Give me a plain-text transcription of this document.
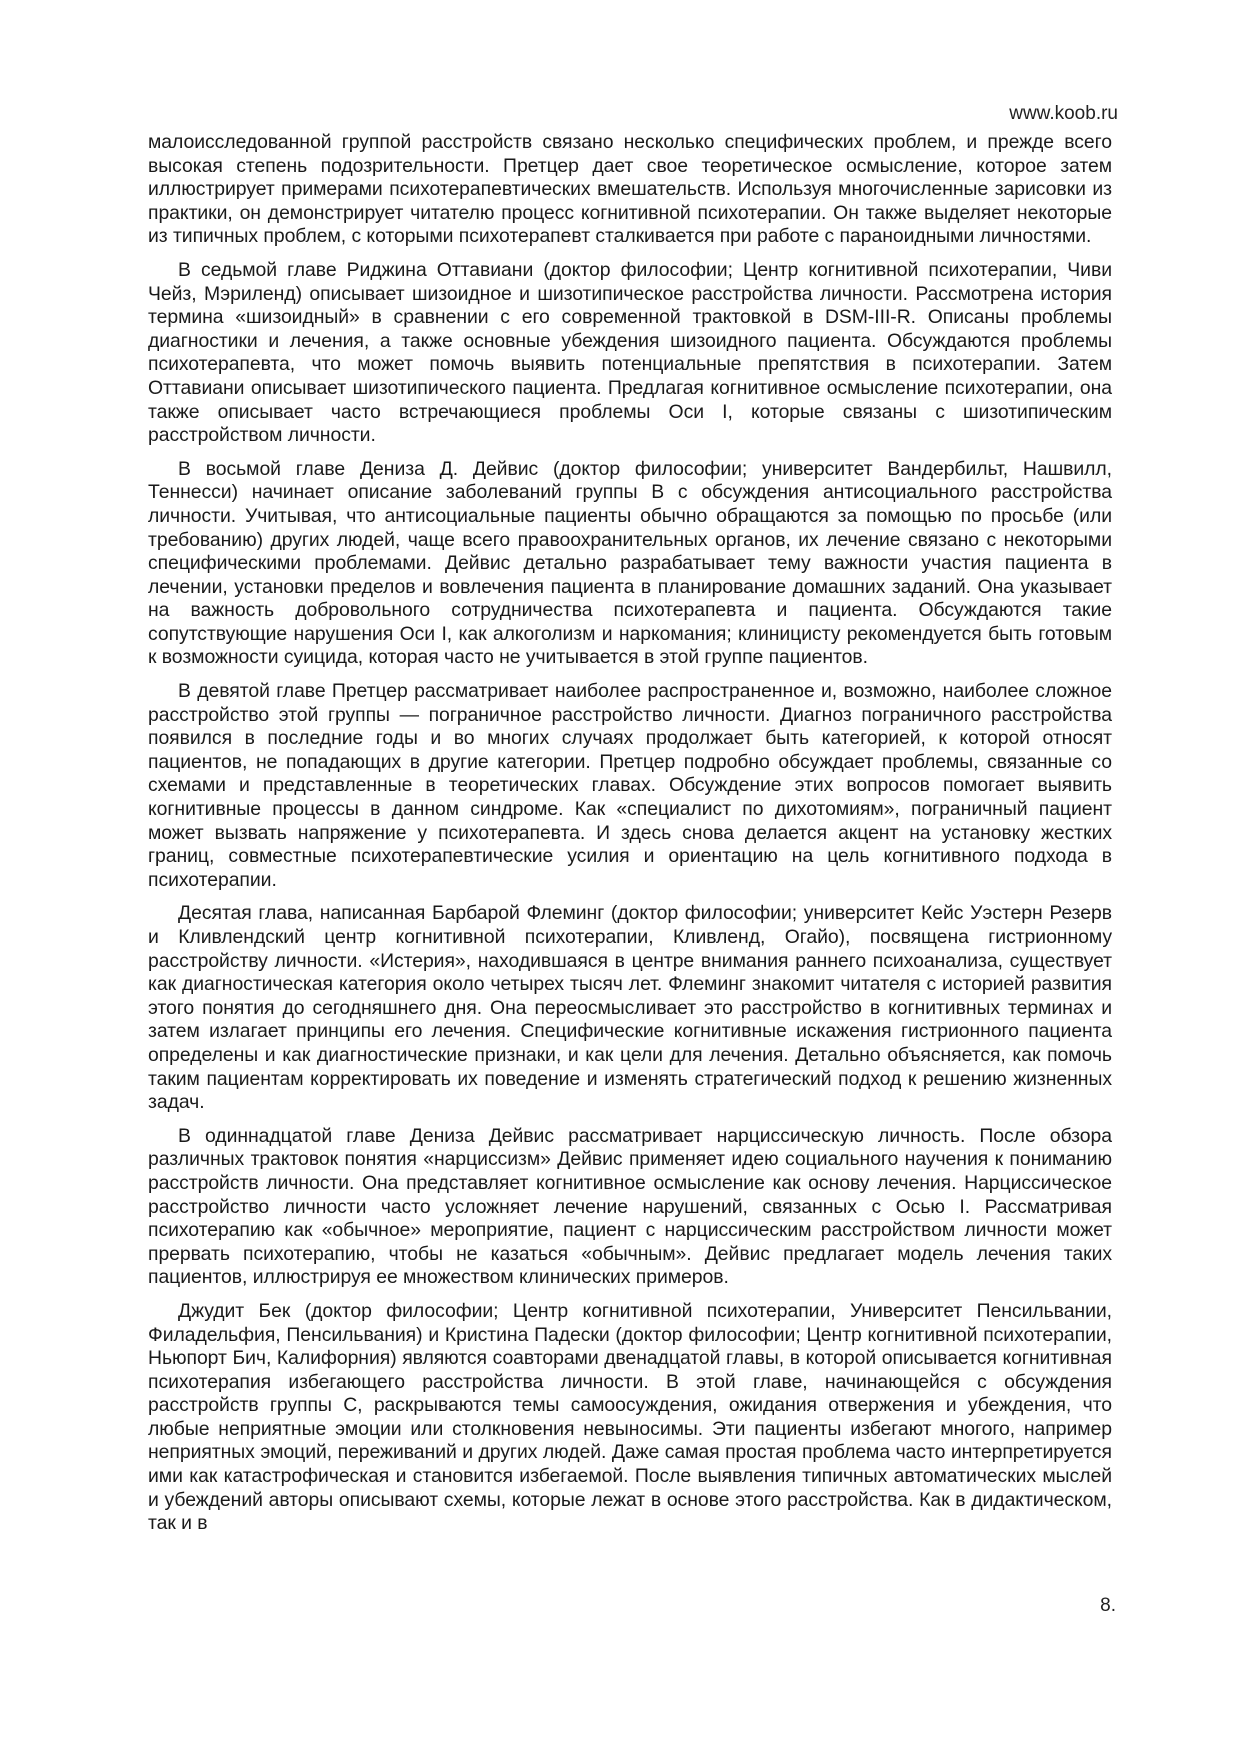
www.koob.ru

малоисследованной группой расстройств связано несколько специфических проблем, и прежде всего высокая степень подозрительности. Претцер дает свое теоретическое осмысление, которое затем иллюстрирует примерами психотерапевтических вмешательств. Используя многочисленные зарисовки из практики, он демонстрирует читателю процесс когнитивной психотерапии. Он также выделяет некоторые из типичных проблем, с которыми психотерапевт сталкивается при работе с параноидными личностями.

В седьмой главе Риджина Оттавиани (доктор философии; Центр когнитивной психотерапии, Чиви Чейз, Мэриленд) описывает шизоидное и шизотипическое расстройства личности. Рассмотрена история термина «шизоидный» в сравнении с его современной трактовкой в DSM-III-R. Описаны проблемы диагностики и лечения, а также основные убеждения шизоидного пациента. Обсуждаются проблемы психотерапевта, что может помочь выявить потенциальные препятствия в психотерапии. Затем Оттавиани описывает шизотипического пациента. Предлагая когнитивное осмысление психотерапии, она также описывает часто встречающиеся проблемы Оси I, которые связаны с шизотипическим расстройством личности.

В восьмой главе Дениза Д. Дейвис (доктор философии; университет Вандербильт, Нашвилл, Теннесси) начинает описание заболеваний группы В с обсуждения антисоциального расстройства личности. Учитывая, что антисоциальные пациенты обычно обращаются за помощью по просьбе (или требованию) других людей, чаще всего правоохранительных органов, их лечение связано с некоторыми специфическими проблемами. Дейвис детально разрабатывает тему важности участия пациента в лечении, установки пределов и вовлечения пациента в планирование домашних заданий. Она указывает на важность добровольного сотрудничества психотерапевта и пациента. Обсуждаются такие сопутствующие нарушения Оси I, как алкоголизм и наркомания; клиницисту рекомендуется быть готовым к возможности суицида, которая часто не учитывается в этой группе пациентов.

В девятой главе Претцер рассматривает наиболее распространенное и, возможно, наиболее сложное расстройство этой группы — пограничное расстройство личности. Диагноз пограничного расстройства появился в последние годы и во многих случаях продолжает быть категорией, к которой относят пациентов, не попадающих в другие категории. Претцер подробно обсуждает проблемы, связанные со схемами и представленные в теоретических главах. Обсуждение этих вопросов помогает выявить когнитивные процессы в данном синдроме. Как «специалист по дихотомиям», пограничный пациент может вызвать напряжение у психотерапевта. И здесь снова делается акцент на установку жестких границ, совместные психотерапевтические усилия и ориентацию на цель когнитивного подхода в психотерапии.

Десятая глава, написанная Барбарой Флеминг (доктор философии; университет Кейс Уэстерн Резерв и Кливлендский центр когнитивной психотерапии, Кливленд, Огайо), посвящена гистрионному расстройству личности. «Истерия», находившаяся в центре внимания раннего психоанализа, существует как диагностическая категория около четырех тысяч лет. Флеминг знакомит читателя с историей развития этого понятия до сегодняшнего дня. Она переосмысливает это расстройство в когнитивных терминах и затем излагает принципы его лечения. Специфические когнитивные искажения гистрионного пациента определены и как диагностические признаки, и как цели для лечения. Детально объясняется, как помочь таким пациентам корректировать их поведение и изменять стратегический подход к решению жизненных задач.

В одиннадцатой главе Дениза Дейвис рассматривает нарциссическую личность. После обзора различных трактовок понятия «нарциссизм» Дейвис применяет идею социального научения к пониманию расстройств личности. Она представляет когнитивное осмысление как основу лечения. Нарциссическое расстройство личности часто усложняет лечение нарушений, связанных с Осью I. Рассматривая психотерапию как «обычное» мероприятие, пациент с нарциссическим расстройством личности может прервать психотерапию, чтобы не казаться «обычным». Дейвис предлагает модель лечения таких пациентов, иллюстрируя ее множеством клинических примеров.

Джудит Бек (доктор философии; Центр когнитивной психотерапии, Университет Пенсильвании, Филадельфия, Пенсильвания) и Кристина Падески (доктор философии; Центр когнитивной психотерапии, Ньюпорт Бич, Калифорния) являются соавторами двенадцатой главы, в которой описывается когнитивная психотерапия избегающего расстройства личности. В этой главе, начинающейся с обсуждения расстройств группы С, раскрываются темы самоосуждения, ожидания отвержения и убеждения, что любые неприятные эмоции или столкновения невыносимы. Эти пациенты избегают многого, например неприятных эмоций, переживаний и других людей. Даже самая простая проблема часто интерпретируется ими как катастрофическая и становится избегаемой. После выявления типичных автоматических мыслей и убеждений авторы описывают схемы, которые лежат в основе этого расстройства. Как в дидактическом, так и в

8.
